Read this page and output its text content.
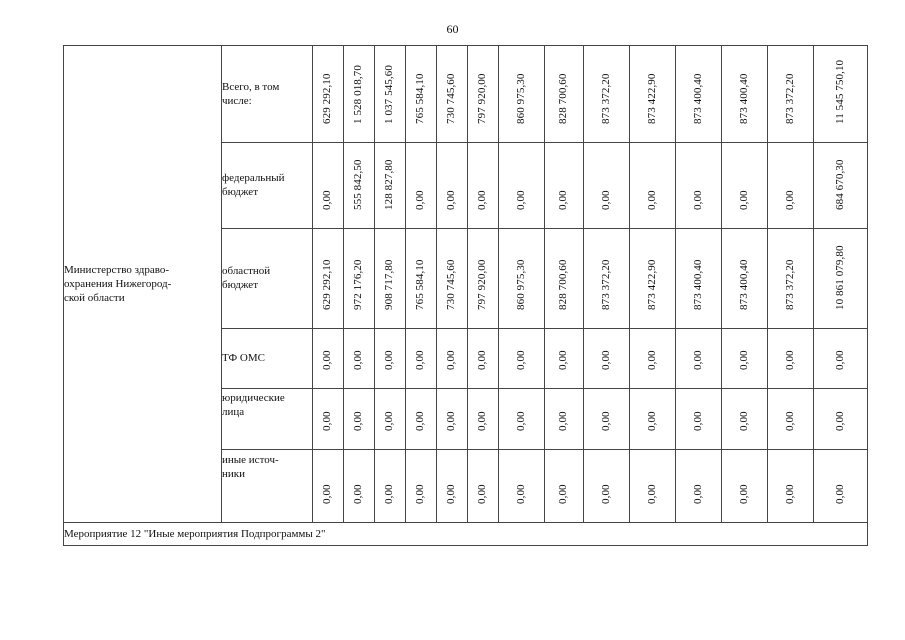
60
Министерство здраво-
охранения Нижегород-
ской области	Всего, в том
числе:	629 292,10	1 528 018,70	1 037 545,60	765 584,10	730 745,60	797 920,00	860 975,30	828 700,60	873 372,20	873 422,90	873 400,40	873 400,40	873 372,20	11 545 750,10

	федеральный
бюджет	0,00	555 842,50	128 827,80	0,00	0,00	0,00	0,00	0,00	0,00	0,00	0,00	0,00	0,00	684 670,30

	областной
бюджет	629 292,10	972 176,20	908 717,80	765 584,10	730 745,60	797 920,00	860 975,30	828 700,60	873 372,20	873 422,90	873 400,40	873 400,40	873 372,20	10 861 079,80

	ТФ ОМС	0,00	0,00	0,00	0,00	0,00	0,00	0,00	0,00	0,00	0,00	0,00	0,00	0,00	0,00

	юридические
лица	0,00	0,00	0,00	0,00	0,00	0,00	0,00	0,00	0,00	0,00	0,00	0,00	0,00	0,00

	иные источ-
ники	0,00	0,00	0,00	0,00	0,00	0,00	0,00	0,00	0,00	0,00	0,00	0,00	0,00	0,00

Мероприятие 12 "Иные мероприятия Подпрограммы 2"															
